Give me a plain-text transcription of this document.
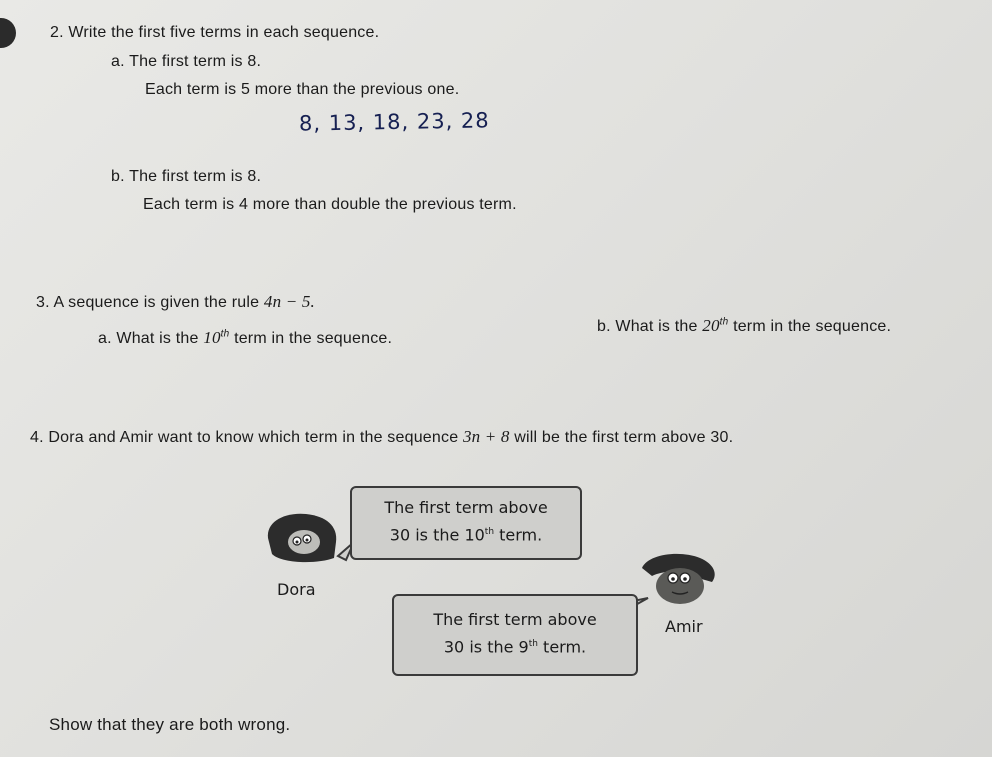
2. Write the first five terms in each sequence.
a. The first term is 8.
Each term is 5 more than the previous one.
8, 13, 18, 23, 28
b. The first term is 8.
Each term is 4 more than double the previous term.
3. A sequence is given the rule 4n − 5.
a. What is the 10th term in the sequence.
b. What is the 20th term in the sequence.
4. Dora and Amir want to know which term in the sequence 3n + 8 will be the first term above 30.
The first term above
30 is the 10th term.
Dora
The first term above
30 is the 9th term.
Amir
Show that they are both wrong.
